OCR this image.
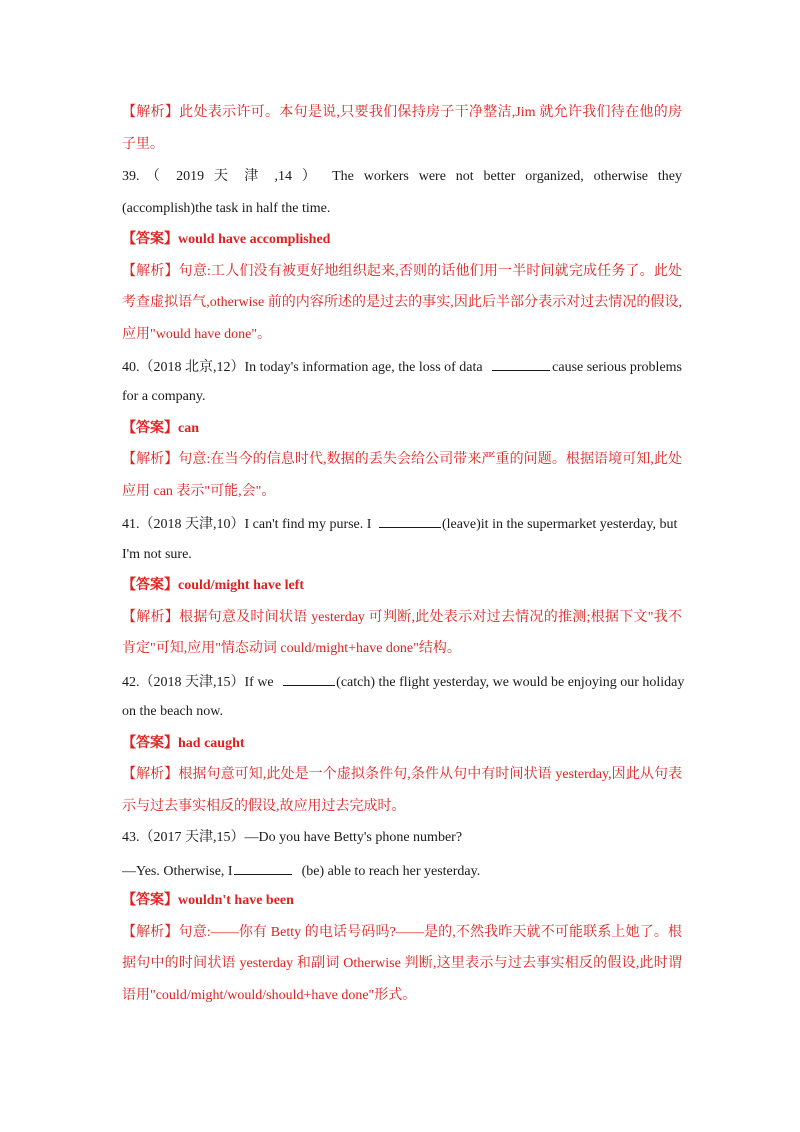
【解析】此处表示许可。本句是说,只要我们保持房子干净整洁,Jim 就允许我们待在他的房
子里。
39.（ 2019 天 津 ,14 ） The workers were not better organized, otherwise they
(accomplish)the task in half the time.
【答案】would have accomplished
【解析】句意:工人们没有被更好地组织起来,否则的话他们用一半时间就完成任务了。此处
考查虚拟语气,otherwise 前的内容所述的是过去的事实,因此后半部分表示对过去情况的假设,
应用"would have done"。
40.（2018 北京,12）In today's information age, the loss of data	cause serious problems
for a company.
【答案】can
【解析】句意:在当今的信息时代,数据的丢失会给公司带来严重的问题。根据语境可知,此处
应用 can 表示"可能,会"。
41.（2018 天津,10）I can't find my purse. I	(leave)it in the supermarket yesterday, but
I'm not sure.
【答案】could/might have left
【解析】根据句意及时间状语 yesterday 可判断,此处表示对过去情况的推测;根据下文"我不
肯定"可知,应用"情态动词 could/might+have done"结构。
42.（2018 天津,15）If we	(catch) the flight yesterday, we would be enjoying our holiday
on the beach now.
【答案】had caught
【解析】根据句意可知,此处是一个虚拟条件句,条件从句中有时间状语 yesterday,因此从句表
示与过去事实相反的假设,故应用过去完成时。
43.（2017 天津,15）—Do you have Betty's phone number?
—Yes. Otherwise, I	(be) able to reach her yesterday.
【答案】wouldn't have been
【解析】句意:——你有 Betty 的电话号码吗?——是的,不然我昨天就不可能联系上她了。根
据句中的时间状语 yesterday 和副词 Otherwise 判断,这里表示与过去事实相反的假设,此时谓
语用"could/might/would/should+have done"形式。
